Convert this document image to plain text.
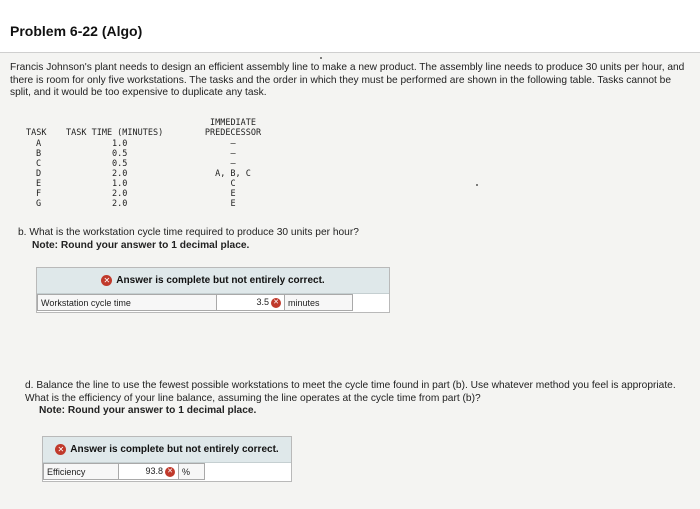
Problem 6-22 (Algo)
Francis Johnson's plant needs to design an efficient assembly line to make a new product. The assembly line needs to produce 30 units per hour, and there is room for only five workstations. The tasks and the order in which they must be performed are shown in the following table. Tasks cannot be split, and it would be too expensive to duplicate any task.
TASK TASK TIME (MINUTES)
IMMEDIATE
PREDECESSOR
A	1.0	–
B	0.5	–
C	0.5	–
D	2.0	A, B, C
E	1.0	C
F	2.0	E
G	2.0	E
b. What is the workstation cycle time required to produce 30 units per hour?
Note: Round your answer to 1 decimal place.
✕ Answer is complete but not entirely correct.
Workstation cycle time	3.5 ✕	minutes
d. Balance the line to use the fewest possible workstations to meet the cycle time found in part (b). Use whatever method you feel is appropriate. What is the efficiency of your line balance, assuming the line operates at the cycle time from part (b)?
Note: Round your answer to 1 decimal place.
✕ Answer is complete but not entirely correct.
Efficiency	93.8 ✕	%
